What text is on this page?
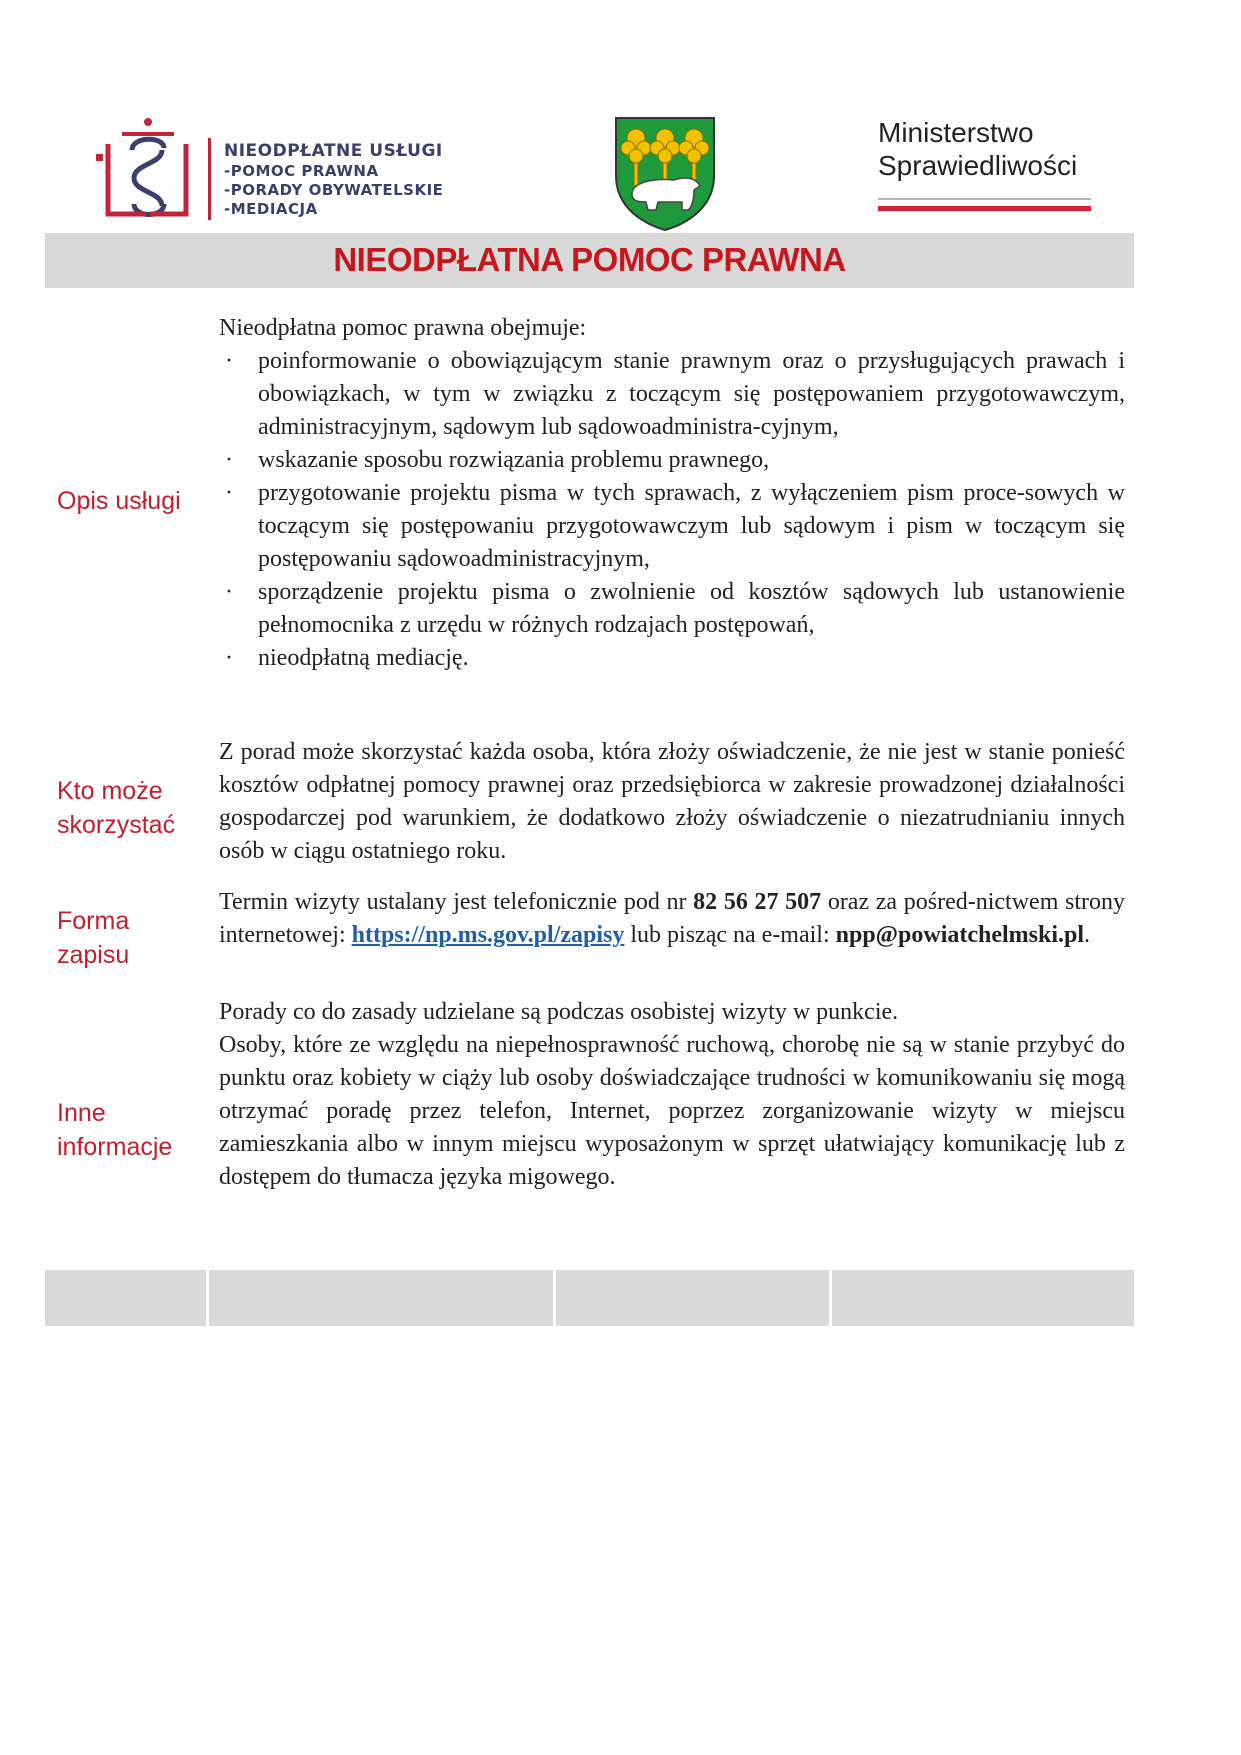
NIEODPŁATNE USŁUGI
-POMOC PRAWNA
-PORADY OBYWATELSKIE
-MEDIACJA
Ministerstwo
Sprawiedliwości
NIEODPŁATNA POMOC PRAWNA
Opis usługi

Nieodpłatna pomoc prawna obejmuje:

· poinformowanie o obowiązującym stanie prawnym oraz o przysługujących prawach i obowiązkach, w tym w związku z toczącym się postępowaniem przygotowawczym, administracyjnym, sądowym lub sądowoadministra-cyjnym,
· wskazanie sposobu rozwiązania problemu prawnego,
· przygotowanie projektu pisma w tych sprawach, z wyłączeniem pism proce-sowych w toczącym się postępowaniu przygotowawczym lub sądowym i pism w toczącym się postępowaniu sądowoadministracyjnym,
· sporządzenie projektu pisma o zwolnienie od kosztów sądowych lub ustanowienie pełnomocnika z urzędu w różnych rodzajach postępowań,
· nieodpłatną mediację.
Kto może
skorzystać

Z porad może skorzystać każda osoba, która złoży oświadczenie, że nie jest w stanie ponieść kosztów odpłatnej pomocy prawnej oraz przedsiębiorca w zakresie prowadzonej działalności gospodarczej pod warunkiem, że dodatkowo złoży oświadczenie o niezatrudnianiu innych osób w ciągu ostatniego roku.

Forma
zapisu

Termin wizyty ustalany jest telefonicznie pod nr 82 56 27 507 oraz za pośred-nictwem strony internetowej: https://np.ms.gov.pl/zapisy lub pisząc na e-mail: npp@powiatchelmski.pl.

Inne
informacje

Porady co do zasady udzielane są podczas osobistej wizyty w punkcie.

Osoby, które ze względu na niepełnosprawność ruchową, chorobę nie są w stanie przybyć do punktu oraz kobiety w ciąży lub osoby doświadczające trudności w komunikowaniu się mogą otrzymać poradę przez telefon, Internet, poprzez zorganizowanie wizyty w miejscu zamieszkania albo w innym miejscu wyposażonym w sprzęt ułatwiający komunikację lub z dostępem do tłumacza języka migowego.
